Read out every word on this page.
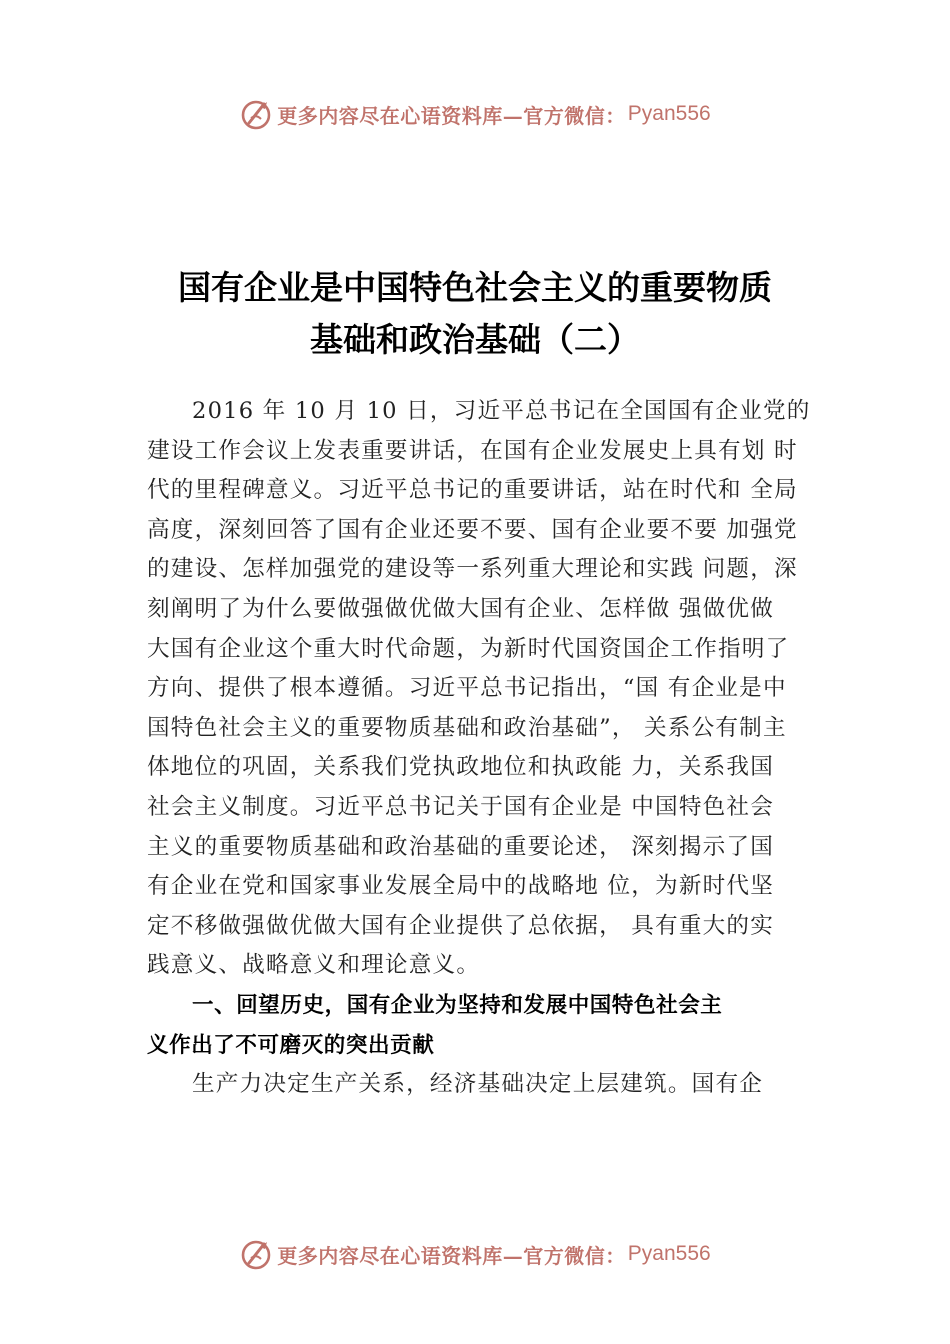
更多内容尽在心语资料库—官方微信： Pyan556
国有企业是中国特色社会主义的重要物质
基础和政治基础（二）
2016 年 10 月 10 日，习近平总书记在全国国有企业党的
建设工作会议上发表重要讲话，在国有企业发展史上具有划 时
代的里程碑意义。习近平总书记的重要讲话，站在时代和 全局
高度，深刻回答了国有企业还要不要、国有企业要不要 加强党
的建设、怎样加强党的建设等一系列重大理论和实践 问题，深
刻阐明了为什么要做强做优做大国有企业、怎样做 强做优做
大国有企业这个重大时代命题，为新时代国资国企工作指明了
方向、提供了根本遵循。习近平总书记指出，“国 有企业是中
国特色社会主义的重要物质基础和政治基础”， 关系公有制主
体地位的巩固，关系我们党执政地位和执政能 力，关系我国
社会主义制度。习近平总书记关于国有企业是 中国特色社会
主义的重要物质基础和政治基础的重要论述， 深刻揭示了国
有企业在党和国家事业发展全局中的战略地 位，为新时代坚
定不移做强做优做大国有企业提供了总依据， 具有重大的实
践意义、战略意义和理论意义。
一、回望历史，国有企业为坚持和发展中国特色社会主
义作出了不可磨灭的突出贡献
生产力决定生产关系，经济基础决定上层建筑。国有企
更多内容尽在心语资料库—官方微信： Pyan556
